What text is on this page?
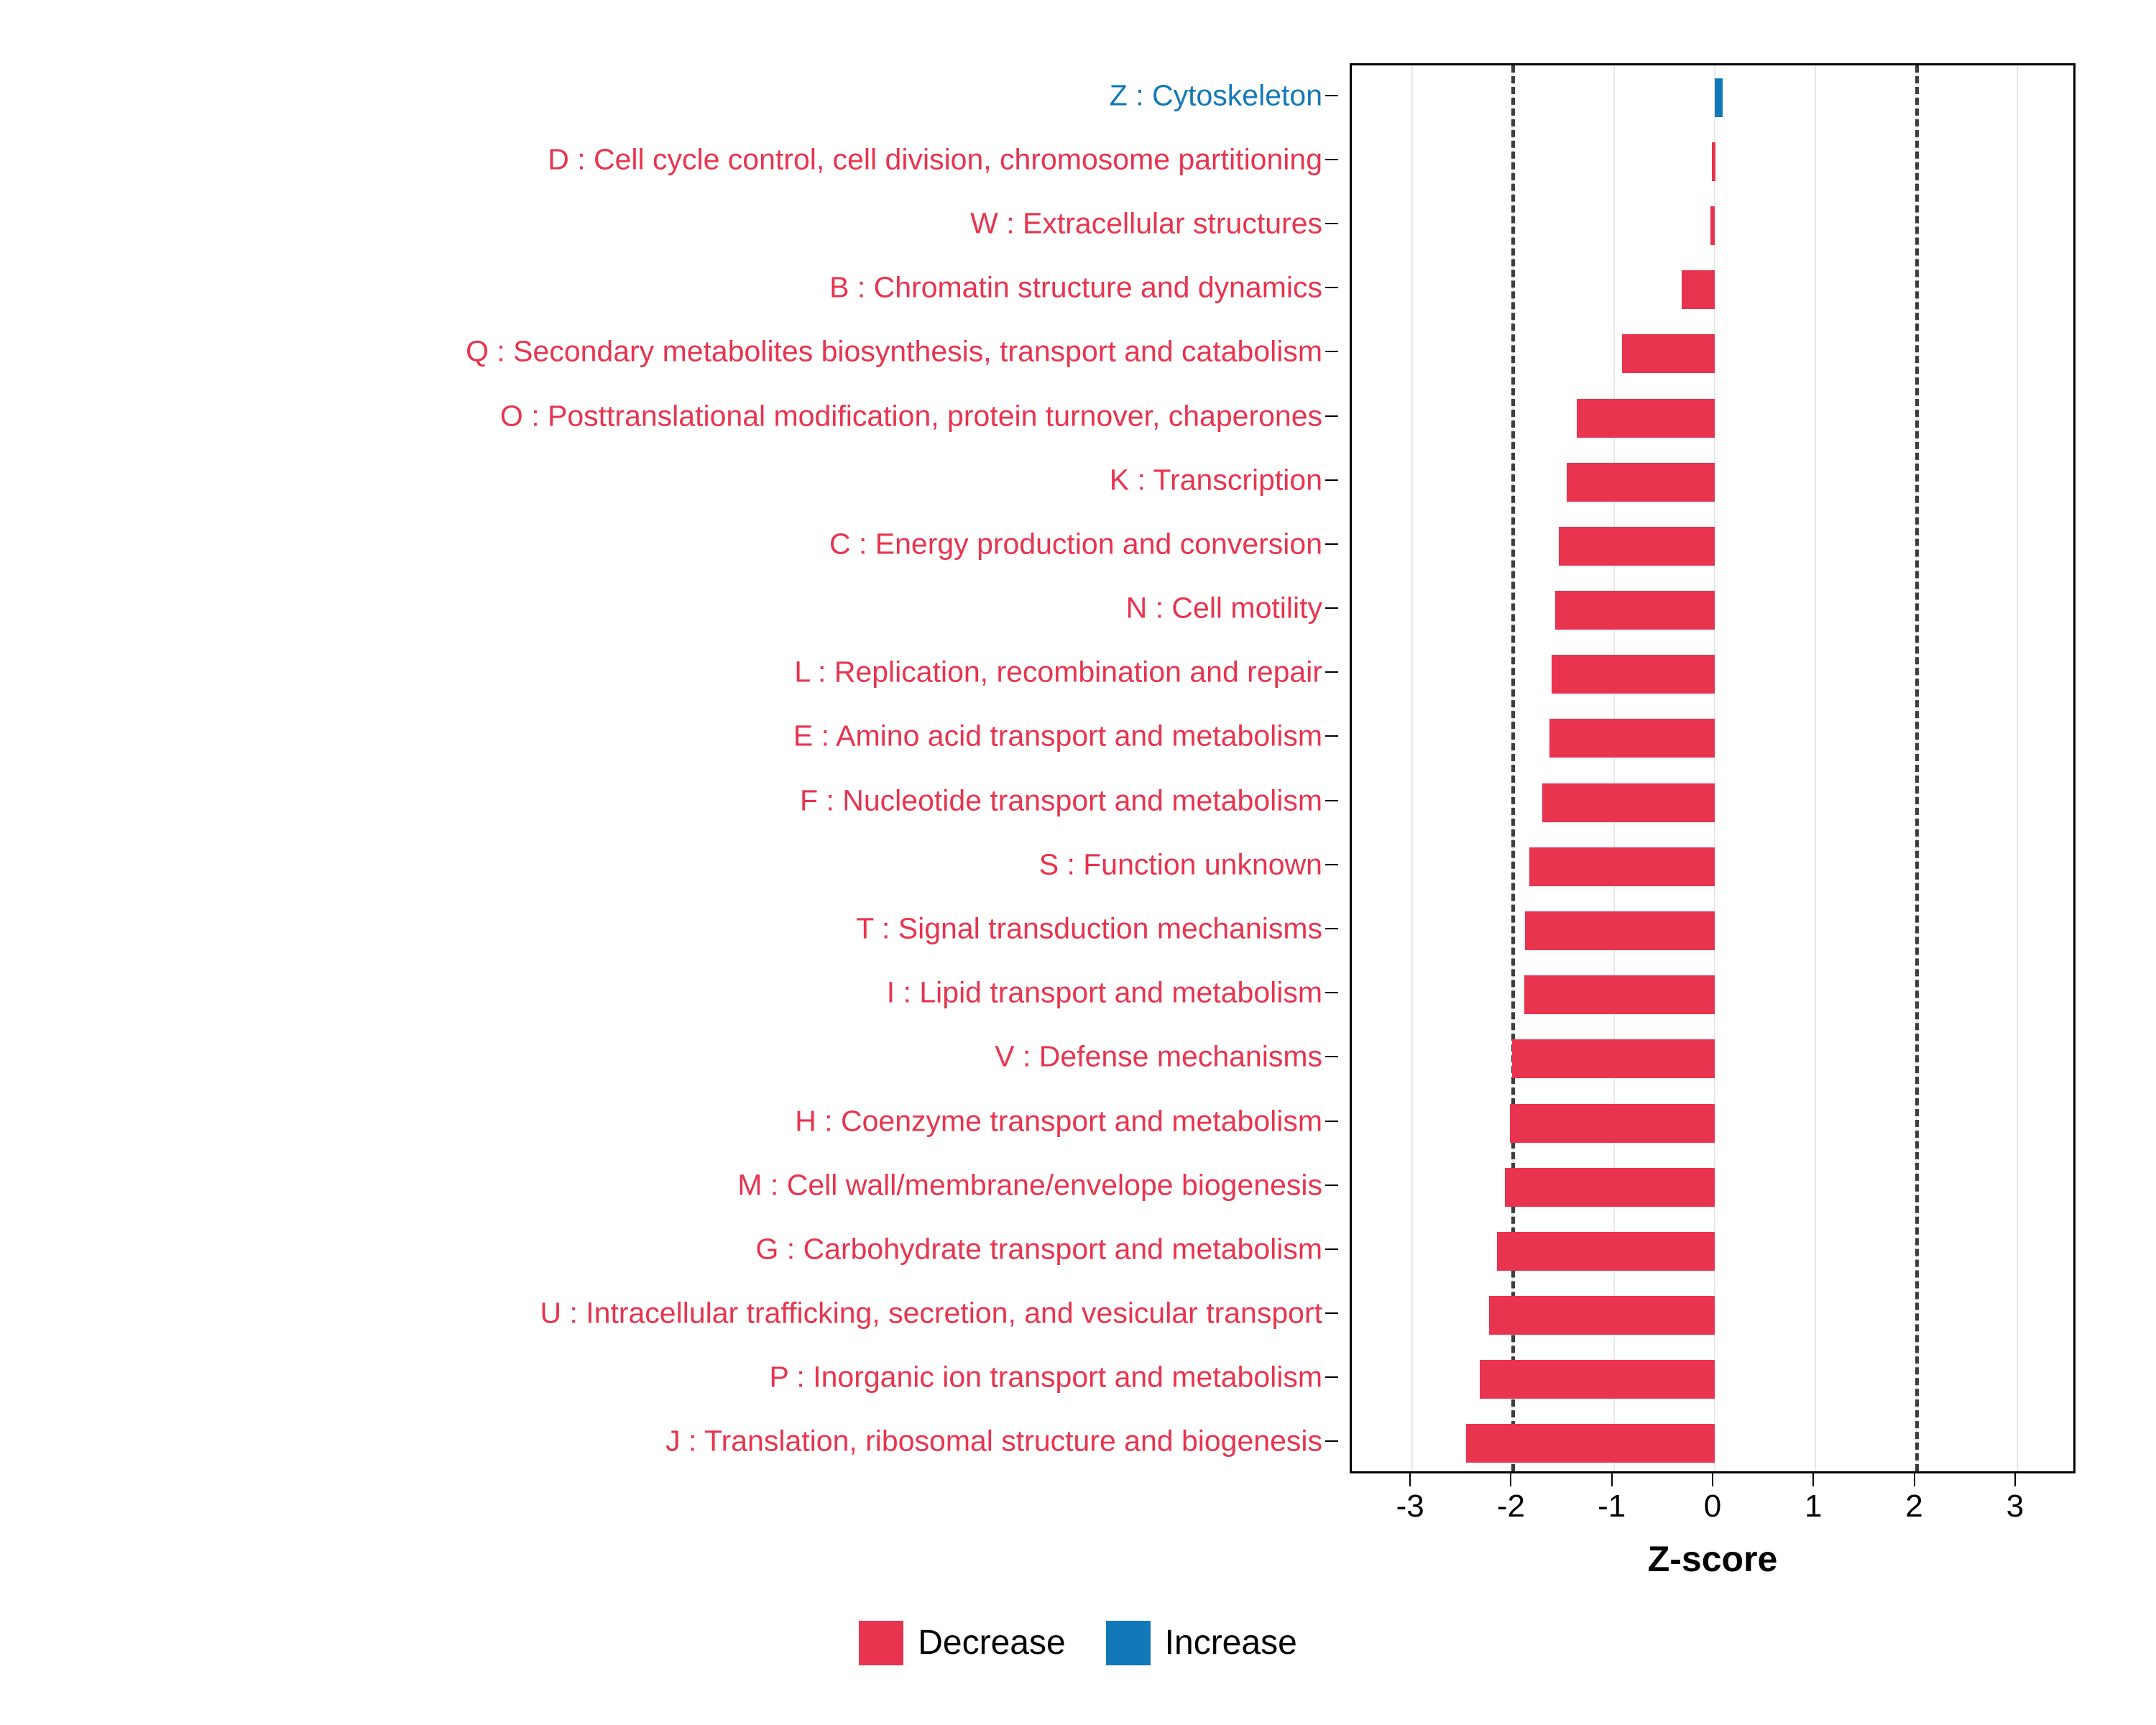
Z : Cytoskeleton
D : Cell cycle control, cell division, chromosome partitioning
W : Extracellular structures
B : Chromatin structure and dynamics
Q : Secondary metabolites biosynthesis, transport and catabolism
O : Posttranslational modification, protein turnover, chaperones
K : Transcription
C : Energy production and conversion
N : Cell motility
L : Replication, recombination and repair
E : Amino acid transport and metabolism
F : Nucleotide transport and metabolism
S : Function unknown
T : Signal transduction mechanisms
I : Lipid transport and metabolism
V : Defense mechanisms
H : Coenzyme transport and metabolism
M : Cell wall/membrane/envelope biogenesis
G : Carbohydrate transport and metabolism
U : Intracellular trafficking, secretion, and vesicular transport
P : Inorganic ion transport and metabolism
J : Translation, ribosomal structure and biogenesis
-3 -2 -1 0	1	2	3
Z-score
Decrease	Increase
